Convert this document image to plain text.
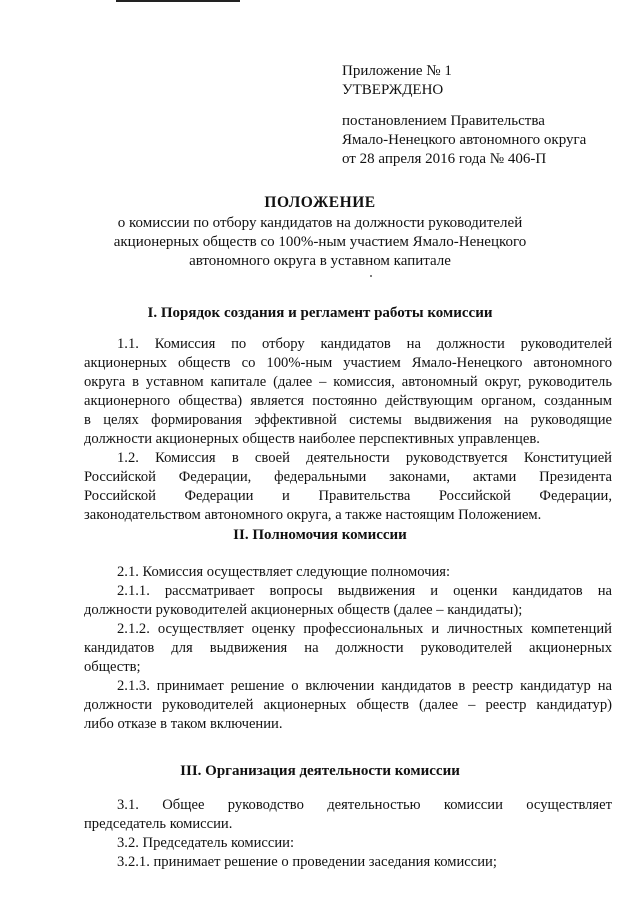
Приложение № 1
УТВЕРЖДЕНО
постановлением Правительства
Ямало-Ненецкого автономного округа
от 28 апреля 2016 года № 406-П
ПОЛОЖЕНИЕ
о комиссии по отбору кандидатов на должности руководителей
акционерных обществ со 100%-ным участием Ямало-Ненецкого
автономного округа в уставном капитале
I. Порядок создания и регламент работы комиссии
1.1. Комиссия по отбору кандидатов на должности руководителей
акционерных обществ со 100%-ным участием Ямало-Ненецкого автономного
округа в уставном капитале (далее – комиссия, автономный округ, руководитель
акционерного общества) является постоянно действующим органом, созданным
в целях формирования эффективной системы выдвижения на руководящие
должности акционерных обществ наиболее перспективных управленцев.
1.2. Комиссия в своей деятельности руководствуется Конституцией
Российской Федерации, федеральными законами, актами Президента
Российской Федерации и Правительства Российской Федерации,
законодательством автономного округа, а также настоящим Положением.
II. Полномочия комиссии
2.1. Комиссия осуществляет следующие полномочия:
2.1.1. рассматривает вопросы выдвижения и оценки кандидатов на
должности руководителей акционерных обществ (далее – кандидаты);
2.1.2. осуществляет оценку профессиональных и личностных компетенций
кандидатов для выдвижения на должности руководителей акционерных
обществ;
2.1.3. принимает решение о включении кандидатов в реестр кандидатур на
должности руководителей акционерных обществ (далее – реестр кандидатур)
либо отказе в таком включении.
III. Организация деятельности комиссии
3.1. Общее руководство деятельностью комиссии осуществляет
председатель комиссии.
3.2. Председатель комиссии:
3.2.1. принимает решение о проведении заседания комиссии;
